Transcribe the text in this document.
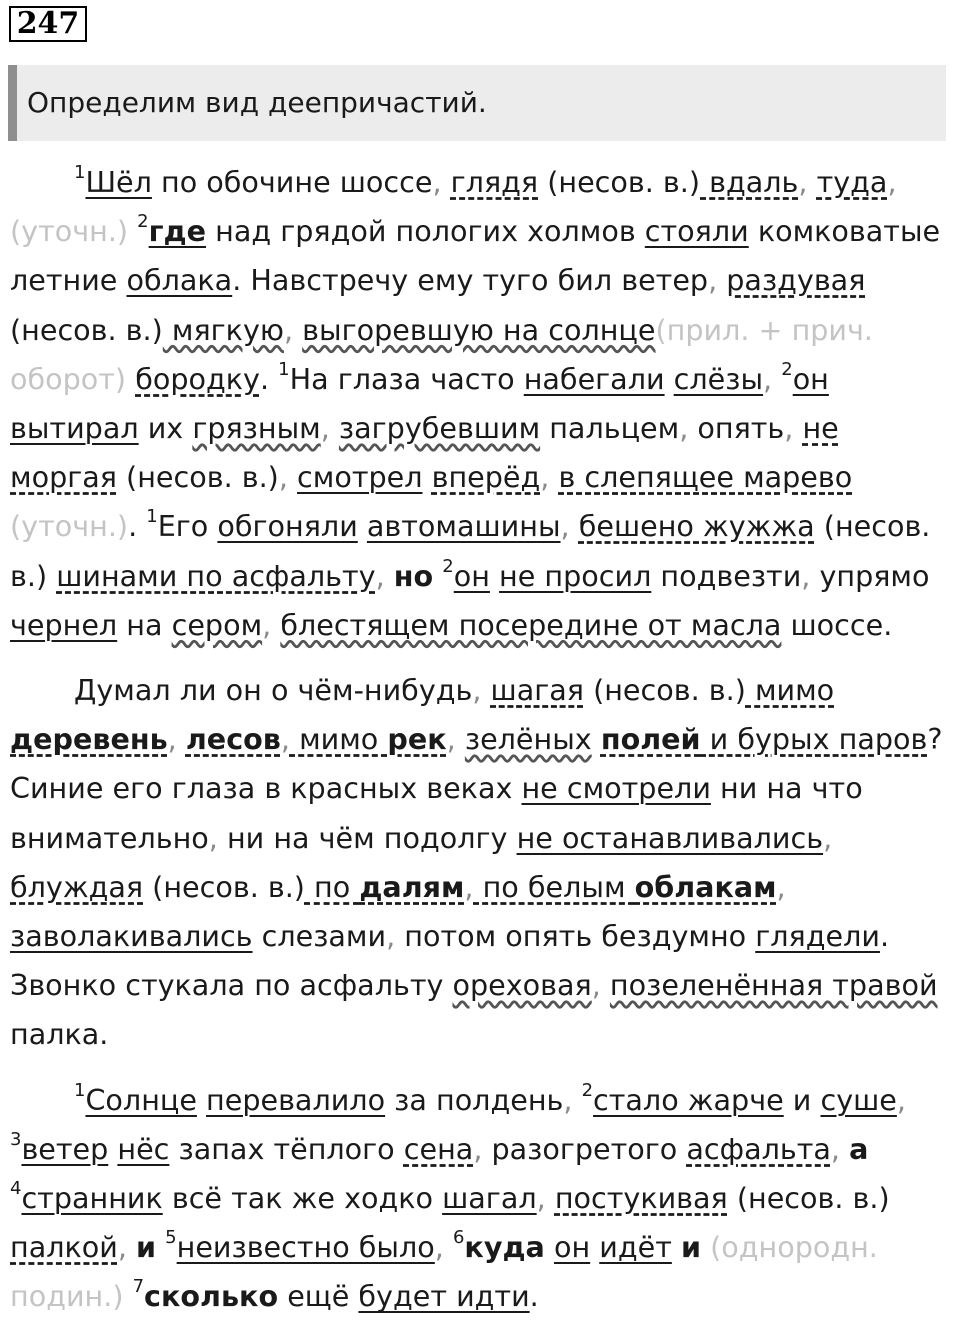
247
Определим вид деепричастий.

$^1$Шёл по обочине шоссе, глядя (несов. в.) вдаль, туда, (уточн.) $^2$где над грядой пологих холмов стояли комковатые летние облака. Навстречу ему туго бил ветер, раздувая (несов. в.) мягкую, выгоревшую на солнце(прил. + прич. оборот) бородку. $^1$На глаза часто набегали слёзы, $^2$он вытирал их грязным, загрубевшим пальцем, опять, не моргая (несов. в.), смотрел вперёд, в слепящее марево (уточн.). $^1$Его обгоняли автомашины, бешено жужжа (несов. в.) шинами по асфальту, но $^2$он не просил подвезти, упрямо чернел на сером, блестящем посередине от масла шоссе.

Думал ли он о чём-нибудь, шагая (несов. в.) мимо деревень, лесов, мимо рек, зелёных полей и бурых паров? Синие его глаза в красных веках не смотрели ни на что внимательно, ни на чём подолгу не останавливались, блуждая (несов. в.) по далям, по белым облакам, заволакивались слезами, потом опять бездумно глядели. Звонко стукала по асфальту ореховая, позеленённая травой палка.

$^1$Солнце перевалило за полдень, $^2$стало жарче и суше, $^3$ветер нёс запах тёплого сена, разогретого асфальта, а $^4$странник всё так же ходко шагал, постукивая (несов. в.) палкой, и $^5$неизвестно было, $^6$куда он идёт и (однородн. подин.) $^7$сколько ещё будет идти.
